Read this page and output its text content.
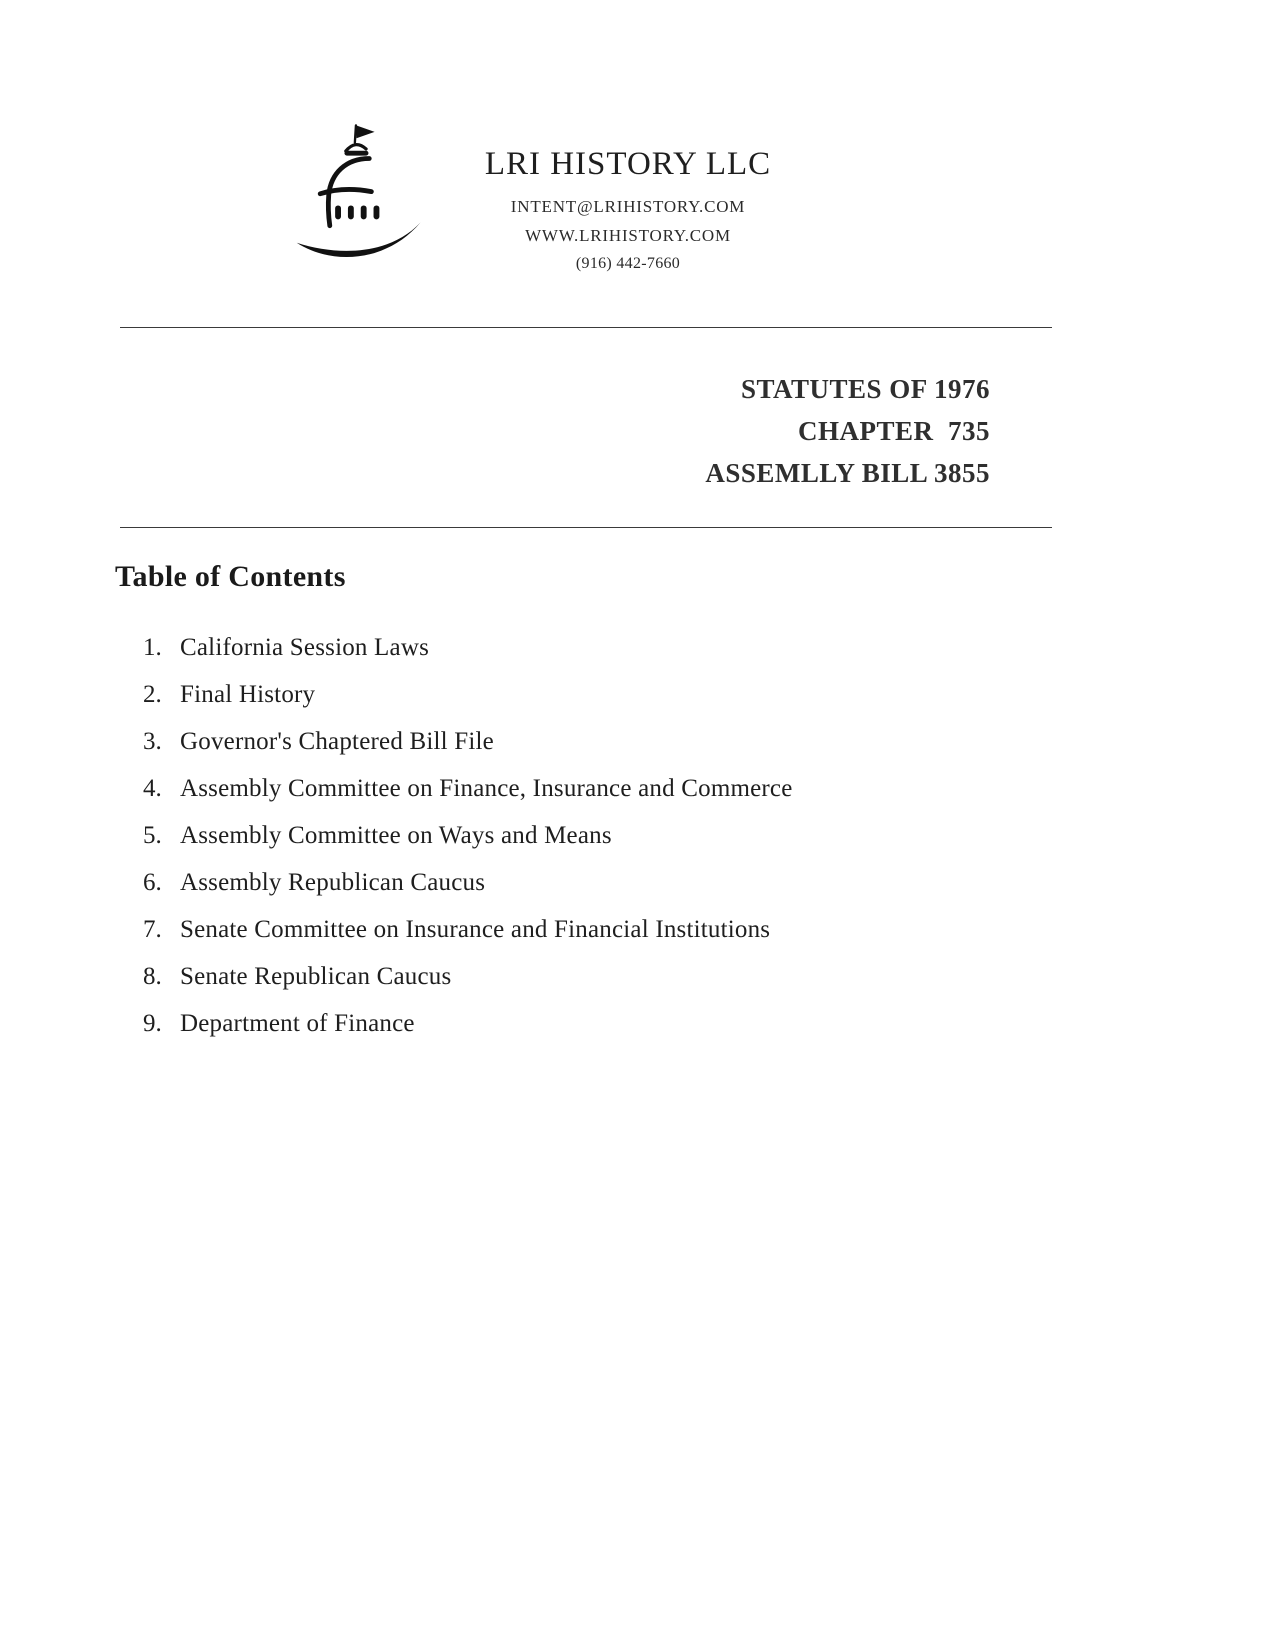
LRI HISTORY LLC
INTENT@LRIHISTORY.COM
WWW.LRIHISTORY.COM
(916) 442-7660
STATUTES OF 1976
CHAPTER  735
ASSEMLLY BILL 3855
Table of Contents
1. California Session Laws
2. Final History
3. Governor's Chaptered Bill File
4. Assembly Committee on Finance, Insurance and Commerce
5. Assembly Committee on Ways and Means
6. Assembly Republican Caucus
7. Senate Committee on Insurance and Financial Institutions
8. Senate Republican Caucus
9. Department of Finance
